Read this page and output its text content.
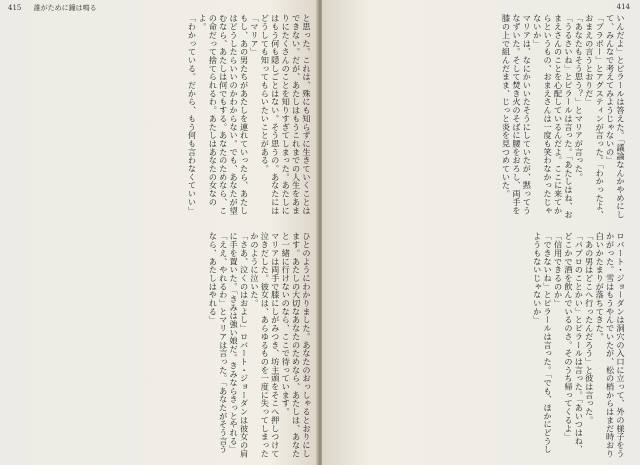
415 誰がために鐘は鳴る

と思った。これは、殊にも知らずに生きていくことはできない。だが、あたしはもうこれまでの人生をあまりにたくさんのことを知りすぎてしまった。あたしにはもう何も隠しごとはない。そう思うの。あなたにはどうしても知ってもらいたいことがある。

「マリア」

もし、あの男たちがあたしを連れていったら、あたしはどうしたらいいのかわからない。でも、あなたが望むなら、あたしは何でもする。あなたのためなら、この命だって捨てられるわ。あたしはあなたの女なのよ。

「わかっている。だから、もう何も言わなくていい」

ひとのようにわかりました。あなたのおっしゃるとおりにします。あたしの大切なあなたのためなら、あたしは、あなたと一緒に行けないのなら、ここで待っています。

マリアは両手で膝にしがみつき、坊主頭をそこへ押しつけて泣きだした。彼女は、あらゆるものを一度に失ってしまったかのように泣いた。

「さあ、泣くのはおよし」ロバート・ジョーダンは彼女の肩に手を置いた。「きみは強い娘だ。きみならきっとやれる」

「ええ、やれるわ」とマリアは言った。「あなたがそう言うなら、あたしはやれる」

414

いんだよ」とピラールは答えた。「議論なんかやめにして、みんなで考えてみようじゃないの」

「ブラボー」とアグスティンが言った。「わかったよ、おまえの言うとおりだ」

「あなたもそう思う？」とマリアが言った。

「うるさいね」とピラールは言った。「あたしはね、おまえさんのことを心配しているんだよ。ここに来てからというもの、おまえさんは一度も笑わなかったじゃないか」

マリアは、なにかいいたそうにしていたが、黙ってうなずいた。そして焚き火のそばに腰をおろし、両手を膝の上で組んだまま、じっと炎を見つめていた。

ロバート・ジョーダンは洞穴の入口に立って、外の様子をうかがった。雪はもうやんでいたが、松の梢からはまだ時おり白いかたまりが落ちてきた。

「あの男はどこへ行ったんだろう」と彼は言った。

「パブロのことかい」とピラールは言った。「あいつはね、どこかで酒を飲んでいるのさ。そのうち帰ってくるよ」

「信用できるのか」

「できないね」とピラールは言った。「でも、ほかにどうしようもないじゃないか」
